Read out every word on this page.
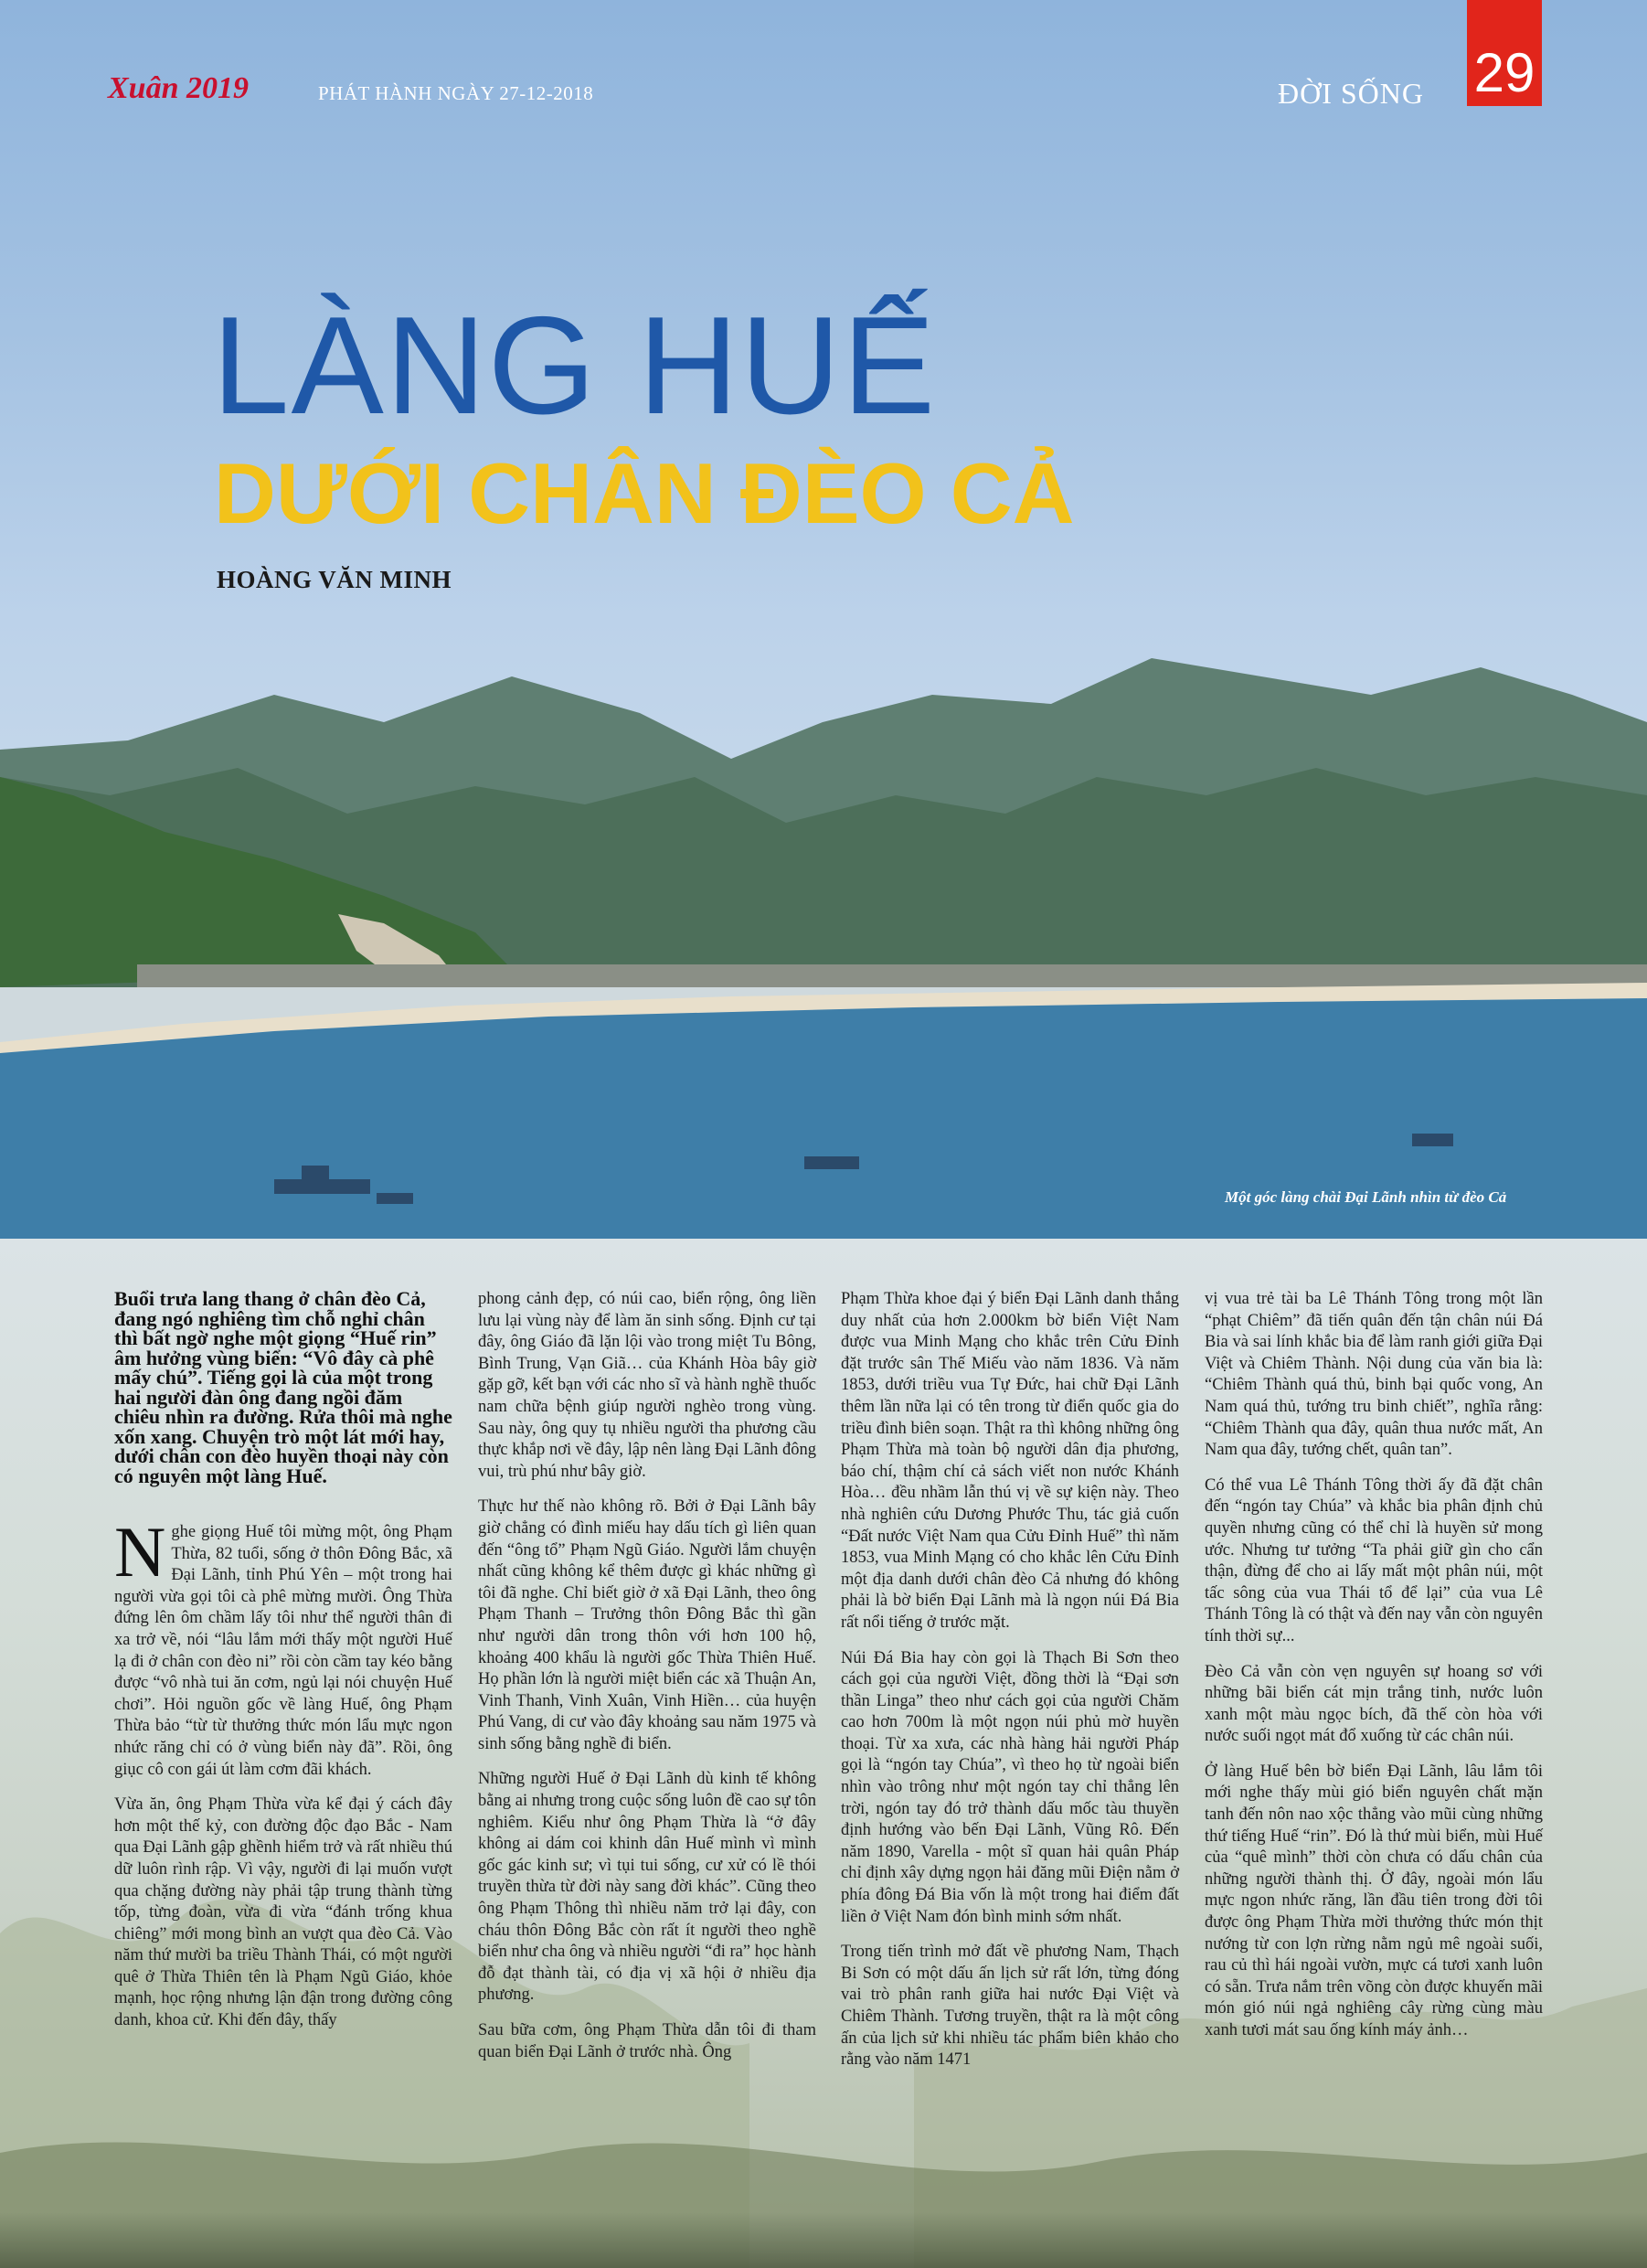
Xuân 2019	PHÁT HÀNH NGÀY 27-12-2018	ĐỜI SỐNG 29
LÀNG HUẾ
DƯỚI CHÂN ĐÈO CẢ
HOÀNG VĂN MINH
Một góc làng chài Đại Lãnh nhìn từ đèo Cả

Buổi trưa lang thang ở chân đèo Cả, đang ngó nghiêng tìm chỗ nghỉ chân thì bất ngờ nghe một giọng “Huế rin” âm hưởng vùng biển: “Vô đây cà phê mấy chú”. Tiếng gọi là của một trong hai người đàn ông đang ngồi đăm chiêu nhìn ra đường. Rửa thôi mà nghe xốn xang. Chuyện trò một lát mới hay, dưới chân con đèo huyền thoại này còn có nguyên một làng Huế.

Nghe giọng Huế tôi mừng một, ông Phạm Thừa, 82 tuổi, sống ở thôn Đông Bắc, xã Đại Lãnh, tỉnh Phú Yên – một trong hai người vừa gọi tôi cà phê mừng mười. Ông Thừa đứng lên ôm chầm lấy tôi như thể người thân đi xa trở về, nói “lâu lắm mới thấy một người Huế lạ đi ở chân con đèo ni” rồi còn cầm tay kéo bằng được “vô nhà tui ăn cơm, ngủ lại nói chuyện Huế chơi”. Hỏi nguồn gốc về làng Huế, ông Phạm Thừa bảo “từ từ thưởng thức món lẩu mực ngon nhức răng chỉ có ở vùng biển này đã”. Rồi, ông giục cô con gái út làm cơm đãi khách.

Vừa ăn, ông Phạm Thừa vừa kể đại ý cách đây hơn một thế kỷ, con đường độc đạo Bắc - Nam qua Đại Lãnh gập ghềnh hiểm trở và rất nhiều thú dữ luôn rình rập. Vì vậy, người đi lại muốn vượt qua chặng đường này phải tập trung thành từng tốp, từng đoàn, vừa đi vừa “đánh trống khua chiêng” mới mong bình an vượt qua đèo Cả. Vào năm thứ mười ba triều Thành Thái, có một người quê ở Thừa Thiên tên là Phạm Ngũ Giáo, khỏe mạnh, học rộng nhưng lận đận trong đường công danh, khoa cử. Khi đến đây, thấy

phong cảnh đẹp, có núi cao, biển rộng, ông liền lưu lại vùng này để làm ăn sinh sống. Định cư tại đây, ông Giáo đã lặn lội vào trong miệt Tu Bông, Bình Trung, Vạn Giã… của Khánh Hòa bây giờ gặp gỡ, kết bạn với các nho sĩ và hành nghề thuốc nam chữa bệnh giúp người nghèo trong vùng. Sau này, ông quy tụ nhiều người tha phương cầu thực khắp nơi về đây, lập nên làng Đại Lãnh đông vui, trù phú như bây giờ.

Thực hư thế nào không rõ. Bởi ở Đại Lãnh bây giờ chẳng có đình miếu hay dấu tích gì liên quan đến “ông tổ” Phạm Ngũ Giáo. Người lắm chuyện nhất cũng không kể thêm được gì khác những gì tôi đã nghe. Chỉ biết giờ ở xã Đại Lãnh, theo ông Phạm Thanh – Trưởng thôn Đông Bắc thì gần như người dân trong thôn với hơn 100 hộ, khoảng 400 khẩu là người gốc Thừa Thiên Huế. Họ phần lớn là người miệt biển các xã Thuận An, Vinh Thanh, Vinh Xuân, Vinh Hiền… của huyện Phú Vang, di cư vào đây khoảng sau năm 1975 và sinh sống bằng nghề đi biển.

Những người Huế ở Đại Lãnh dù kinh tế không bằng ai nhưng trong cuộc sống luôn đề cao sự tôn nghiêm. Kiểu như ông Phạm Thừa là “ở đây không ai dám coi khinh dân Huế mình vì mình gốc gác kinh sư; vì tụi tui sống, cư xử có lề thói truyền thừa từ đời này sang đời khác”. Cũng theo ông Phạm Thông thì nhiều năm trở lại đây, con cháu thôn Đông Bắc còn rất ít người theo nghề biển như cha ông và nhiều người “đi ra” học hành đỗ đạt thành tài, có địa vị xã hội ở nhiều địa phương.

Sau bữa cơm, ông Phạm Thừa dẫn tôi đi tham quan biển Đại Lãnh ở trước nhà. Ông

Phạm Thừa khoe đại ý biển Đại Lãnh danh thắng duy nhất của hơn 2.000km bờ biển Việt Nam được vua Minh Mạng cho khắc trên Cửu Đỉnh đặt trước sân Thế Miếu vào năm 1836. Và năm 1853, dưới triều vua Tự Đức, hai chữ Đại Lãnh thêm lần nữa lại có tên trong từ điển quốc gia do triều đình biên soạn. Thật ra thì không những ông Phạm Thừa mà toàn bộ người dân địa phương, báo chí, thậm chí cả sách viết non nước Khánh Hòa… đều nhầm lẫn thú vị về sự kiện này. Theo nhà nghiên cứu Dương Phước Thu, tác giả cuốn “Đất nước Việt Nam qua Cửu Đỉnh Huế” thì năm 1853, vua Minh Mạng có cho khắc lên Cửu Đỉnh một địa danh dưới chân đèo Cả nhưng đó không phải là bờ biển Đại Lãnh mà là ngọn núi Đá Bia rất nổi tiếng ở trước mặt.

Núi Đá Bia hay còn gọi là Thạch Bi Sơn theo cách gọi của người Việt, đồng thời là “Đại sơn thần Linga” theo như cách gọi của người Chăm cao hơn 700m là một ngọn núi phủ mờ huyền thoại. Từ xa xưa, các nhà hàng hải người Pháp gọi là “ngón tay Chúa”, vì theo họ từ ngoài biển nhìn vào trông như một ngón tay chỉ thẳng lên trời, ngón tay đó trở thành dấu mốc tàu thuyền định hướng vào bến Đại Lãnh, Vũng Rô. Đến năm 1890, Varella - một sĩ quan hải quân Pháp chỉ định xây dựng ngọn hải đăng mũi Điện nằm ở phía đông Đá Bia vốn là một trong hai điểm đất liền ở Việt Nam đón bình minh sớm nhất.

Trong tiến trình mở đất về phương Nam, Thạch Bi Sơn có một dấu ấn lịch sử rất lớn, từng đóng vai trò phân ranh giữa hai nước Đại Việt và Chiêm Thành. Tương truyền, thật ra là một công ấn của lịch sử khi nhiều tác phẩm biên khảo cho rằng vào năm 1471

vị vua trẻ tài ba Lê Thánh Tông trong một lần “phạt Chiêm” đã tiến quân đến tận chân núi Đá Bia và sai lính khắc bia để làm ranh giới giữa Đại Việt và Chiêm Thành. Nội dung của văn bia là: “Chiêm Thành quá thủ, binh bại quốc vong, An Nam quá thủ, tướng tru binh chiết”, nghĩa rằng: “Chiêm Thành qua đây, quân thua nước mất, An Nam qua đây, tướng chết, quân tan”.

Có thể vua Lê Thánh Tông thời ấy đã đặt chân đến “ngón tay Chúa” và khắc bia phân định chủ quyền nhưng cũng có thể chỉ là huyền sử mong ước. Nhưng tư tưởng “Ta phải giữ gìn cho cẩn thận, đừng để cho ai lấy mất một phân núi, một tấc sông của vua Thái tổ để lại” của vua Lê Thánh Tông là có thật và đến nay vẫn còn nguyên tính thời sự...

Đèo Cả vẫn còn vẹn nguyên sự hoang sơ với những bãi biển cát mịn trắng tinh, nước luôn xanh một màu ngọc bích, đã thế còn hòa với nước suối ngọt mát đổ xuống từ các chân núi.

Ở làng Huế bên bờ biển Đại Lãnh, lâu lắm tôi mới nghe thấy mùi gió biển nguyên chất mặn tanh đến nôn nao xộc thẳng vào mũi cùng những thứ tiếng Huế “rin”. Đó là thứ mùi biển, mùi Huế của “quê mình” thời còn chưa có dấu chân của những người thành thị. Ở đây, ngoài món lẩu mực ngon nhức răng, lần đầu tiên trong đời tôi được ông Phạm Thừa mời thưởng thức món thịt nướng từ con lợn rừng nằm ngủ mê ngoài suối, rau củ thì hái ngoài vườn, mực cá tươi xanh luôn có sẵn. Trưa nắm trên võng còn được khuyến mãi món gió núi ngả nghiêng cây rừng cùng màu xanh tươi mát sau ống kính máy ảnh…
